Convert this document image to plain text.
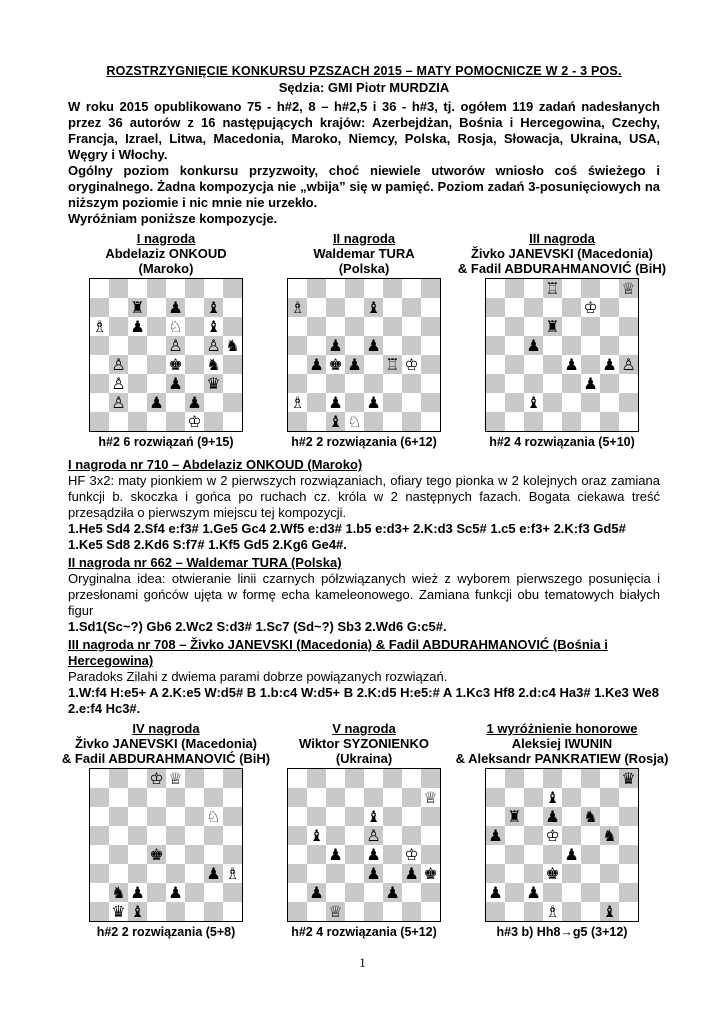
ROZSTRZYGNIĘCIE KONKURSU PZSZACH 2015 – MATY POMOCNICZE W 2 - 3 POS.
Sędzia: GMI Piotr MURDZIA

W roku 2015 opublikowano 75 - h#2, 8 – h#2,5 i 36 - h#3, tj. ogółem 119 zadań nadesłanych przez 36 autorów z 16 następujących krajów: Azerbejdżan, Bośnia i Hercegowina, Czechy, Francja, Izrael, Litwa, Macedonia, Maroko, Niemcy, Polska, Rosja, Słowacja, Ukraina, USA, Węgry i Włochy.

Ogólny poziom konkursu przyzwoity, choć niewiele utworów wniosło coś świeżego i oryginalnego. Żadna kompozycja nie „wbija” się w pamięć. Poziom zadań 3-posunięciowych na niższym poziomie i nic mnie nie urzekło.

Wyróżniam poniższe kompozycje.

I nagroda
Abdelaziz ONKOUD
(Maroko)
♜ ♟ ♝
♗ ♟ ♘ ♝
♙ ♙ ♞
♙	♚ ♞
♙	♟ ♛
♙ ♟ ♟
♔
h#2 6 rozwiązań (9+15)
II nagroda
Waldemar TURA
(Polska)
♗	♝
♟ ♟
♟ ♚ ♟ ♖ ♔
♗ ♟ ♟
♝ ♘
h#2 2 rozwiązania (6+12)
III nagroda
Živko JANEVSKI (Macedonia)
& Fadil ABDURAHMANOVIĆ (BiH)
♖	♕
♔
♜
♟
♟ ♟ ♙
♟
♝
h#2 4 rozwiązania (5+10)
I nagroda nr 710 – Abdelaziz ONKOUD (Maroko)
HF 3x2: maty pionkiem w 2 pierwszych rozwiązaniach, ofiary tego pionka w 2 kolejnych oraz zamiana funkcji b. skoczka i gońca po ruchach cz. króla w 2 następnych fazach. Bogata ciekawa treść przesądziła o pierwszym miejscu tej kompozycji.
1.He5 Sd4 2.Sf4 e:f3# 1.Ge5 Gc4 2.Wf5 e:d3# 1.b5 e:d3+ 2.K:d3 Sc5# 1.c5 e:f3+ 2.K:f3 Gd5# 1.Ke5 Sd8 2.Kd6 S:f7# 1.Kf5 Gd5 2.Kg6 Ge4#.
II nagroda nr 662 – Waldemar TURA (Polska)
Oryginalna idea: otwieranie linii czarnych półzwiązanych wież z wyborem pierwszego posunięcia i przesłonami gońców ujęta w formę echa kameleonowego. Zamiana funkcji obu tematowych białych figur
1.Sd1(Sc~?) Gb6 2.Wc2 S:d3# 1.Sc7 (Sd~?) Sb3 2.Wd6 G:c5#.
III nagroda nr 708 – Živko JANEVSKI (Macedonia) & Fadil ABDURAHMANOVIĆ (Bośnia i Hercegowina)
Paradoks Zilahi z dwiema parami dobrze powiązanych rozwiązań.
1.W:f4 H:e5+ A 2.K:e5 W:d5# B 1.b:c4 W:d5+ B 2.K:d5 H:e5:# A 1.Kc3 Hf8 2.d:c4 Ha3# 1.Ke3 We8 2.e:f4 Hc3#.
IV nagroda
Živko JANEVSKI (Macedonia)
& Fadil ABDURAHMANOVIĆ (BiH)
♔ ♕
♘
♚
♟ ♗
♞ ♟ ♟
♛ ♝
h#2 2 rozwiązania (5+8)
V nagroda
Wiktor SYZONIENKO
(Ukraina)
♕
♝
♝	♙
♟ ♟ ♔
♟ ♟ ♚
♟	♟
♕
h#2 4 rozwiązania (5+12)
1 wyróżnienie honorowe
Aleksiej IWUNIN
& Aleksandr PANKRATIEW (Rosja)
♛
♝
♜ ♟ ♞
♟	♔	♞
♟
♚
♟ ♟
♗	♝
h#3 b) Hh8→g5 (3+12)
1
